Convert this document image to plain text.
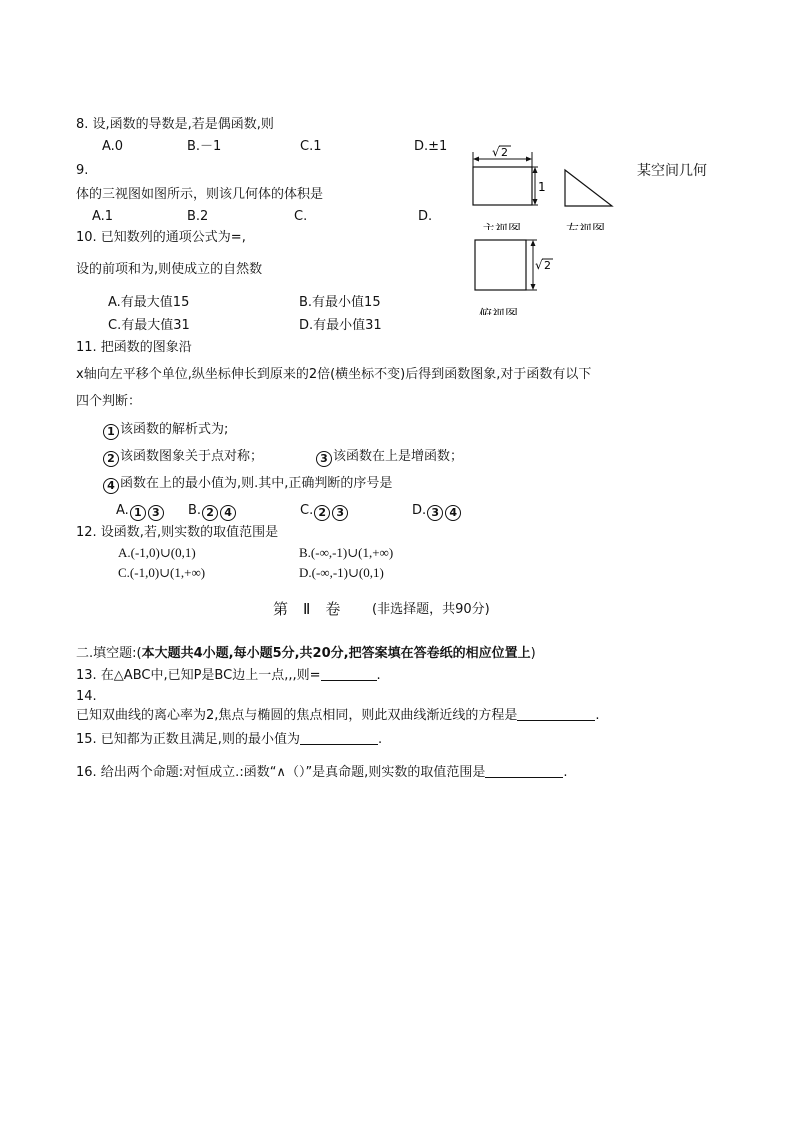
8. 设,函数的导数是,若是偶函数,则
A.0	B.－1	C.1	D.±1
9.	某空间几何
体的三视图如图所示，则该几何体的体积是
A.1	B.2	C.	D.
√ 2
1
主视图	左视图
√ 2
俯视图
10. 已知数列的通项公式为=,
设的前项和为,则使成立的自然数
A.有最大值15	B.有最小值15
C.有最大值31	D.有最小值31
11. 把函数的图象沿
x轴向左平移个单位,纵坐标伸长到原来的2倍(横坐标不变)后得到函数图象,对于函数有以下
四个判断：
1 该函数的解析式为;
2 该函数图象关于点对称；	3 该函数在上是增函数；
4 函数在上的最小值为,则.其中,正确判断的序号是
A. 1 3	B. 2 4	C. 2 3	D. 3 4
12. 设函数,若,则实数的取值范围是
A.(-1,0)∪(0,1)	B.(-∞,-1)∪(1,+∞)
C.(-1,0)∪(1,+∞)	D.(-∞,-1)∪(0,1)
第　Ⅱ　卷 (非选择题，共90分)
二.填空题:(本大题共4小题,每小题5分,共20分,把答案填在答卷纸的相应位置上)
13. 在△ABC中,已知P是BC边上一点,,,则=	.
14.
已知双曲线的离心率为2,焦点与椭圆的焦点相同，则此双曲线渐近线的方程是	.
15. 已知都为正数且满足,则的最小值为	.
16. 给出两个命题:对恒成立.:函数“∧（）”是真命题,则实数的取值范围是	.
